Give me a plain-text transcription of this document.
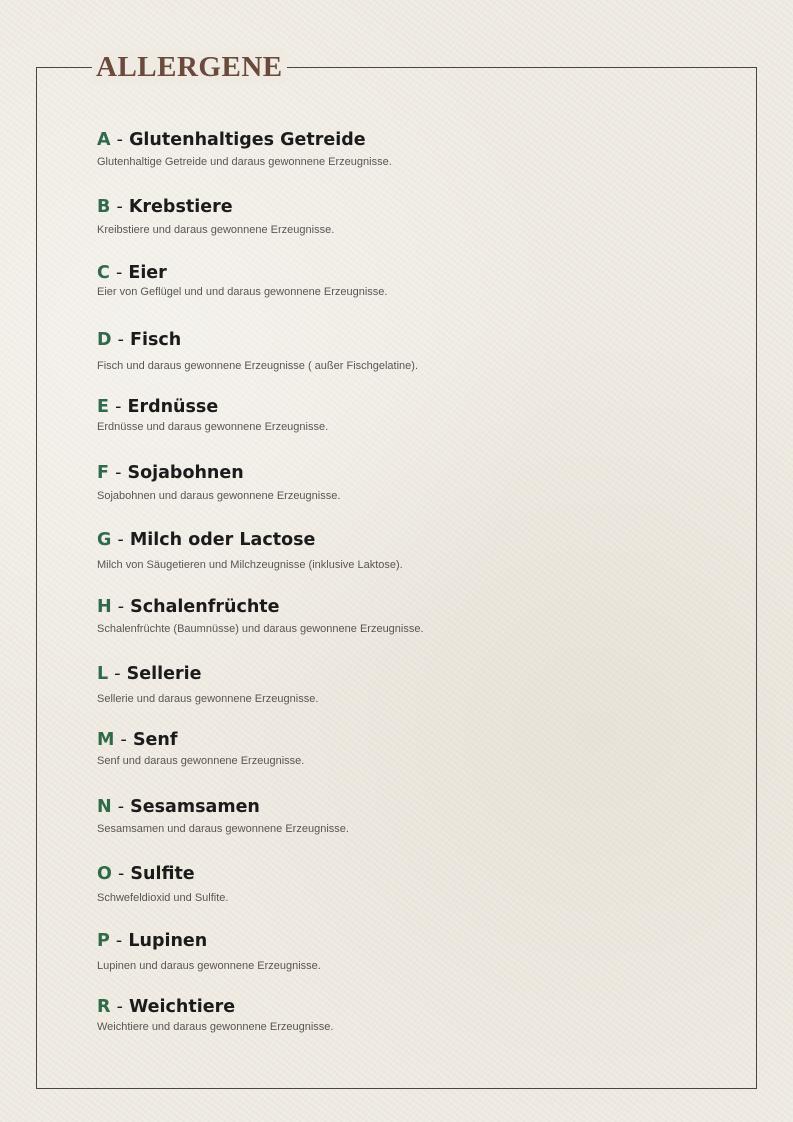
ALLERGENE
A - Glutenhaltiges Getreide
Glutenhaltige Getreide und daraus gewonnene Erzeugnisse.
B - Krebstiere
Kreibstiere und daraus gewonnene Erzeugnisse.
C - Eier
Eier von Geflügel und und daraus gewonnene Erzeugnisse.
D - Fisch
Fisch und daraus gewonnene Erzeugnisse ( außer Fischgelatine).
E - Erdnüsse
Erdnüsse und daraus gewonnene Erzeugnisse.
F - Sojabohnen
Sojabohnen und daraus gewonnene Erzeugnisse.
G - Milch oder Lactose
Milch von Säugetieren und Milchzeugnisse (inklusive Laktose).
H - Schalenfrüchte
Schalenfrüchte (Baumnüsse) und daraus gewonnene Erzeugnisse.
L - Sellerie
Sellerie und daraus gewonnene Erzeugnisse.
M - Senf
Senf und daraus gewonnene Erzeugnisse.
N - Sesamsamen
Sesamsamen und daraus gewonnene Erzeugnisse.
O - Sulfite
Schwefeldioxid und Sulfite.
P - Lupinen
Lupinen und daraus gewonnene Erzeugnisse.
R - Weichtiere
Weichtiere und daraus gewonnene Erzeugnisse.
